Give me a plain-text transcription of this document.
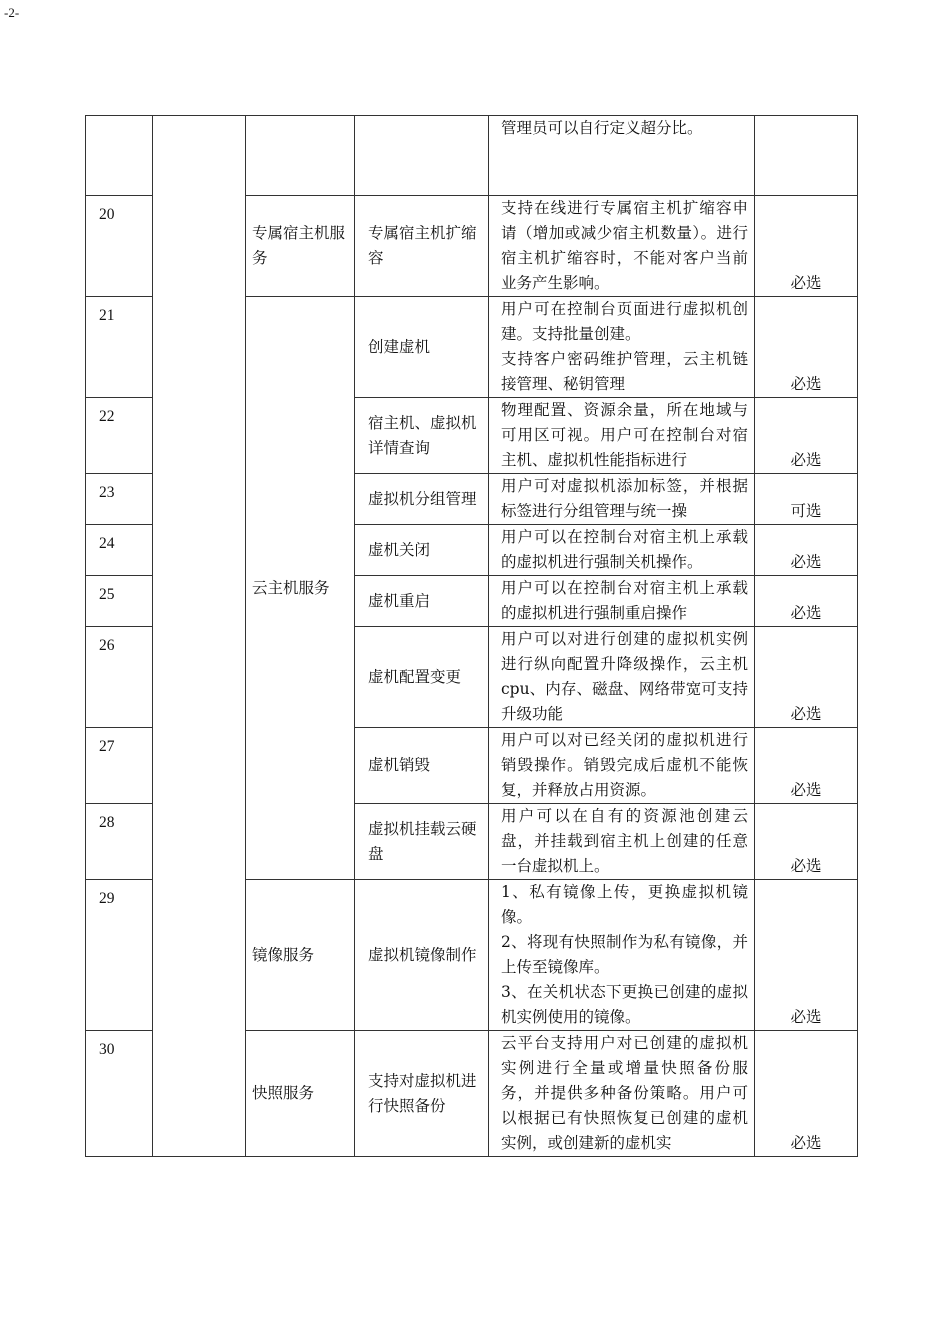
-2-

				管理员可以自行定义超分比。	

20		专属宿主机服务	专属宿主机扩缩容	支持在线进行专属宿主机扩缩容申请（增加或减少宿主机数量）。进行宿主机扩缩容时，不能对客户当前业务产生影响。	必选
21		云主机服务	创建虚机	用户可在控制台页面进行虚拟机创建。支持批量创建。

支持客户密码维护管理，云主机链接管理、秘钥管理	必选
22			宿主机、虚拟机详情查询	物理配置、资源余量，所在地域与可用区可视。用户可在控制台对宿主机、虚拟机性能指标进行	必选
23			虚拟机分组管理	用户可对虚拟机添加标签，并根据标签进行分组管理与统一操	可选
24			虚机关闭	用户可以在控制台对宿主机上承载的虚拟机进行强制关机操作。	必选
25			虚机重启	用户可以在控制台对宿主机上承载的虚拟机进行强制重启操作	必选
26			虚机配置变更	用户可以对进行创建的虚拟机实例进行纵向配置升降级操作，云主机cpu、内存、磁盘、网络带宽可支持升级功能	必选
27			虚机销毁	用户可以对已经关闭的虚拟机进行销毁操作。销毁完成后虚机不能恢复，并释放占用资源。	必选
28			虚拟机挂载云硬盘	用户可以在自有的资源池创建云盘，并挂载到宿主机上创建的任意一台虚拟机上。	必选
29		镜像服务	虚拟机镜像制作	1、私有镜像上传，更换虚拟机镜像。

2、将现有快照制作为私有镜像，并上传至镜像库。

3、在关机状态下更换已创建的虚拟机实例使用的镜像。	必选
30		快照服务	支持对虚拟机进行快照备份	云平台支持用户对已创建的虚拟机实例进行全量或增量快照备份服务，并提供多种备份策略。用户可以根据已有快照恢复已创建的虚机实例，或创建新的虚机实	必选
